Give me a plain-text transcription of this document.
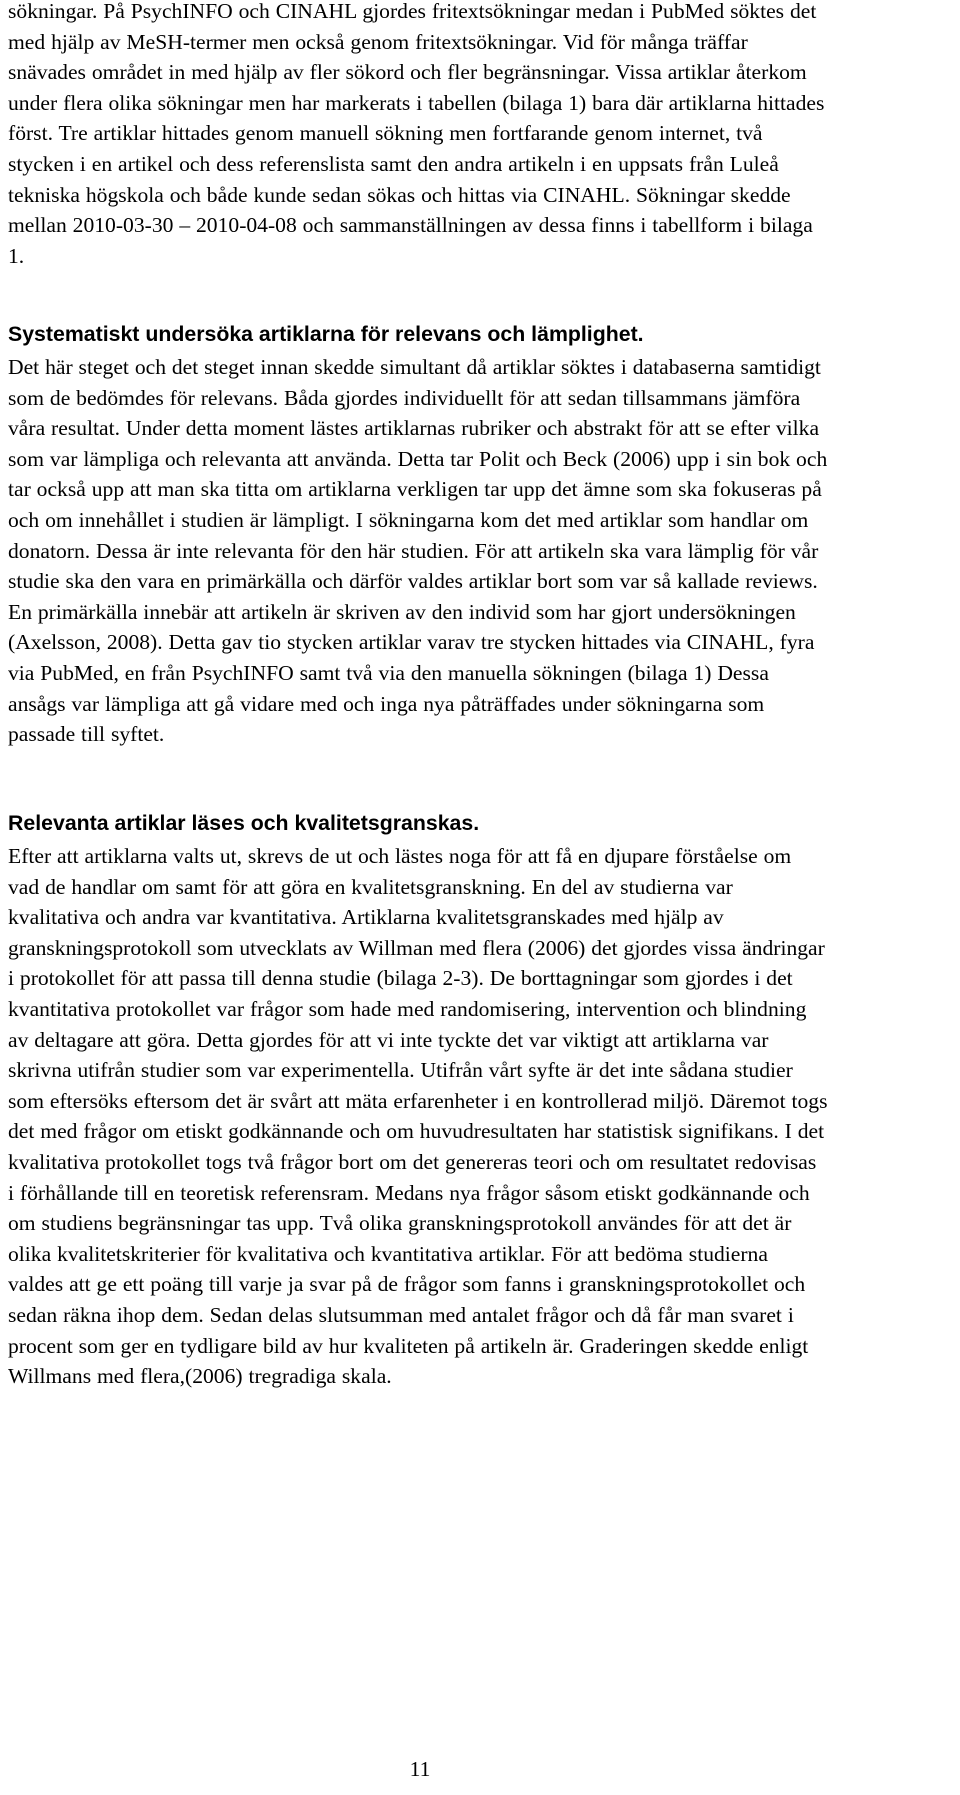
sökningar. På PsychINFO och CINAHL gjordes fritextsökningar medan i PubMed söktes det med hjälp av MeSH-termer men också genom fritextsökningar. Vid för många träffar snävades området in med hjälp av fler sökord och fler begränsningar. Vissa artiklar återkom under flera olika sökningar men har markerats i tabellen (bilaga 1) bara där artiklarna hittades först. Tre artiklar hittades genom manuell sökning men fortfarande genom internet, två stycken i en artikel och dess referenslista samt den andra artikeln i en uppsats från Luleå tekniska högskola och både kunde sedan sökas och hittas via CINAHL. Sökningar skedde mellan 2010-03-30 – 2010-04-08 och sammanställningen av dessa finns i tabellform i bilaga 1.

Systematiskt undersöka artiklarna för relevans och lämplighet.

Det här steget och det steget innan skedde simultant då artiklar söktes i databaserna samtidigt som de bedömdes för relevans. Båda gjordes individuellt för att sedan tillsammans jämföra våra resultat. Under detta moment lästes artiklarnas rubriker och abstrakt för att se efter vilka som var lämpliga och relevanta att använda. Detta tar Polit och Beck (2006) upp i sin bok och tar också upp att man ska titta om artiklarna verkligen tar upp det ämne som ska fokuseras på och om innehållet i studien är lämpligt. I sökningarna kom det med artiklar som handlar om donatorn. Dessa är inte relevanta för den här studien. För att artikeln ska vara lämplig för vår studie ska den vara en primärkälla och därför valdes artiklar bort som var så kallade reviews. En primärkälla innebär att artikeln är skriven av den individ som har gjort undersökningen (Axelsson, 2008). Detta gav tio stycken artiklar varav tre stycken hittades via CINAHL, fyra via PubMed, en från PsychINFO samt två via den manuella sökningen (bilaga 1) Dessa ansågs var lämpliga att gå vidare med och inga nya påträffades under sökningarna som passade till syftet.

Relevanta artiklar läses och kvalitetsgranskas.

Efter att artiklarna valts ut, skrevs de ut och lästes noga för att få en djupare förståelse om vad de handlar om samt för att göra en kvalitetsgranskning. En del av studierna var kvalitativa och andra var kvantitativa. Artiklarna kvalitetsgranskades med hjälp av granskningsprotokoll som utvecklats av Willman med flera (2006) det gjordes vissa ändringar i protokollet för att passa till denna studie (bilaga 2-3). De borttagningar som gjordes i det kvantitativa protokollet var frågor som hade med randomisering, intervention och blindning av deltagare att göra. Detta gjordes för att vi inte tyckte det var viktigt att artiklarna var skrivna utifrån studier som var experimentella. Utifrån vårt syfte är det inte sådana studier som eftersöks eftersom det är svårt att mäta erfarenheter i en kontrollerad miljö. Däremot togs det med frågor om etiskt godkännande och om huvudresultaten har statistisk signifikans. I det kvalitativa protokollet togs två frågor bort om det genereras teori och om resultatet redovisas i förhållande till en teoretisk referensram. Medans nya frågor såsom etiskt godkännande och om studiens begränsningar tas upp. Två olika granskningsprotokoll användes för att det är olika kvalitetskriterier för kvalitativa och kvantitativa artiklar. För att bedöma studierna valdes att ge ett poäng till varje ja svar på de frågor som fanns i granskningsprotokollet och sedan räkna ihop dem. Sedan delas slutsumman med antalet frågor och då får man svaret i procent som ger en tydligare bild av hur kvaliteten på artikeln är. Graderingen skedde enligt Willmans med flera,(2006) tregradiga skala.

11
